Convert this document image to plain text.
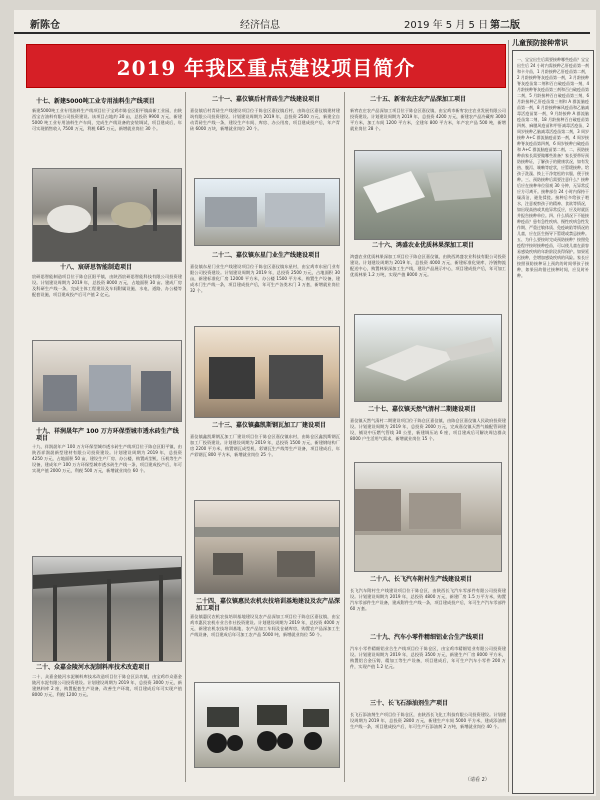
新陈仓	经济信息	2019 年 5 月 5 日 第二版
2019 年我区重点建设项目简介
十七、新建5000吨工业专用油料生产线项目
新建5000吨工业专用油料生产线项目位于宝鸡市陈仓区阳平镇高新工业园，由陕西宝吉油料有限公司投资建设。该项目占地约 30 亩，总投资 9900 万元，新建 5000 吨工业专用油料生产车间，完成生产线设备的安装调试，项目建成后，年可实现销售收入 7500 万元，利税 685 万元，新增就业岗位 30 个。
十八、宸研思智能制造项目
宸研思智能制造项目位于陈仓区阳平镇，由陕西宸研思智能科技有限公司投资建设。计划建设周期为 2019 年，总投资 8000 万元，占地面积 30 亩。建成厂房及科研生产线一条，完成主体工程建设及车间附属设施、水电、道路、办公楼等配套设施，项目建成投产后可产值 2 亿元。
十九、祥润晟年产 100 万方环保型城市透水砖生产线项目
十九、祥润晟年产 100 万方环保型城市透水砖生产线项目位于陈仓区阳平镇，由陕西祥润晟新型建材有限公司投资建设。计划建设周期为 2019 年，总投资 4250 万元，占地面积 50 亩，建设生产厂房、办公楼，购置成型机、压机等生产设备，建成年产 100 万方环保型城市透水砖生产线一条，项目建成投产后，年可实现产值 2000 万元，利税 500 万元，新增就业岗位 60 个。
二十、众嘉金陵河水泥制料库技术改造项目
二十、众嘉金陵河水泥制料库技术改造项目位于陈仓区县功镇，由宝鸡市众嘉金陵河水泥有限公司投资建设。计划建设周期为 2019 年，总投资 3000 万元，新建熟料库 2 座，购置配套生产设备，改善生产环境，项目建成后年可实现产值 8000 万元，利税 1200 万元。
二十一、嘉仪镇后村青砖生产线建设项目
嘉仪镇后村青砖生产线建设项目位于陈仓区嘉仪镇后村，由陈仓区嘉仪镇建材建筑有限公司投资建设。计划建设周期为 2019 年，总投资 2500 万元，新建全自动青砖生产线一条，建设生产车间、库房、办公用房，项目建成投产后，年产青砖 6000 万块，新增就业岗位 20 个。
二十二、嘉仪镇东星门业生产线建设项目
嘉仪镇东星门业生产线建设项目位于陈仓区嘉仪镇东星村，由宝鸡市东星门业有限公司投资建设。计划建设周期为 2019 年，总投资 2500 万元，占地面积 30 亩，新建标准化厂房 12000 平方米，办公楼 1500 平方米，购置生产设备，建成木门生产线一条，项目建成投产后，年可生产各类木门 3 万套，新增就业岗位 32 个。
二十三、嘉仪镇鑫凯斯钢瓦加工厂建设项目
嘉仪镇鑫凯斯钢瓦加工厂建设项目位于陈仓区嘉仪镇东村，由陈仓区鑫凯斯钢瓦加工厂投资建设。计划建设周期为 2019 年，总投资 1500 万元，新建钢结构厂房 2200 平方米，购置钢瓦成型机、彩钢瓦生产线等生产设备，项目建成后，年产彩钢瓦 800 平方米，新增就业岗位 25 个。
二十四、嘉仪镇惠民农机农技培训基地建设及农产品深加工项目
嘉仪镇惠民农机农技培训基地建设及农产品深加工项目位于陈仓区嘉仪镇，由宝鸡市惠民农机专业合作社投资建设。计划建设周期为 2019 年，总投资 4000 万元，新建农机农技培训基地、农产品加工车间及仓储库房，购置农产品深加工生产线设备，项目建成后年可加工农产品 5000 吨，新增就业岗位 50 个。
二十五、新宥农庄农产品深加工项目
新宥农庄农产品深加工项目位于陈仓区嘉仪镇，由宝鸡市新宥农庄农业发展有限公司投资建设。计划建设周期为 2019 年，总投资 4200 万元，新建农产品冷藏库 3000 平方米，加工车间 1200 平方米，全建年 800 平方米，年产农产品 500 吨，新增就业岗位 28 个。
二十六、鸿盛农业优质林果深加工项目
鸿盛农业优质林果深加工项目位于陈仓区嘉仪镇，由陕西鸿盛农业科技有限公司投资建设。计划建设周期为 2019 年，总投资 4000 万元，新建标准化果库、冷链物流配送中心，购置林果深加工生产线，建设产品展示中心，项目建成投产后，年可加工优质林果 1.2 万吨，实现产值 8000 万元。
二十七、嘉仪镇天然气清村二期建设项目
嘉仪镇天然气清村二期建设项目位于陈仓区嘉仪镇，由陈仓区嘉仪镇人民政府投资建设。计划建设周期为 2019 年，总投资 2000 万元，完成嘉仪镇天然气输配管网建设，铺设中压燃气管线 30 公里，新建调压站 6 座，项目建成后可解决周边群众 8000 户生活用气需求，新增就业岗位 15 个。
二十八、长飞汽车附村生产线建设项目
长飞汽车附村生产线建设项目位于陈仓区，由陕西长飞汽车零部件有限公司投资建设。计划建设周期为 2019 年，总投资 4800 万元，新建厂房 1.5 万平方米，购置汽车零部件生产设备，建成附件生产线一条，项目建成投产后，年可生产汽车零部件 60 万套。
二十九、汽车小零件精细铝业合生产线项目
汽车小零件精细铝业合生产线项目位于陈仓区，由宝鸡市精细铝业有限公司投资建设。计划建设周期为 2019 年，总投资 3500 万元，新建生产厂房 8000 平方米，购置铝合金压铸、精加工等生产设备，项目建成后，年可生产汽车小零件 200 万件，实现产值 1.2 亿元。
三十、长飞石添油剂生产项目
长飞石添油剂生产项目位于陈仓区，由陕西长飞化工科技有限公司投资建设。计划建设周期为 2019 年，总投资 2800 万元，新建生产车间 5000 平方米，建成添油剂生产线一条，项目建成投产后，年可生产石添油剂 2 万吨，新增就业岗位 40 个。
（请看 2）
儿童预防接种常识
一、宝宝出生后需要接种哪些疫苗？宝宝出生后 24 小时内需接种乙肝疫苗第一剂和卡介苗，1 月龄接种乙肝疫苗第二剂，2 月龄接种脊灰疫苗第一剂，3 月龄接种脊灰疫苗第二剂和百白破疫苗第一剂，4 月龄接种脊灰疫苗第三剂和百白破疫苗第二剂，5 月龄接种百白破疫苗第三剂，6 月龄接种乙肝疫苗第三剂和 A 群流脑疫苗第一剂，8 月龄接种麻风疫苗和乙脑减毒活疫苗第一剂，9 月龄接种 A 群流脑疫苗第二剂，18 月龄接种百白破疫苗第四剂、麻腮风疫苗和甲肝减毒活疫苗，2 周岁接种乙脑减毒活疫苗第二剂，3 周岁接种 A+C 群流脑疫苗第一剂，4 周岁接种脊灰疫苗第四剂，6 周岁接种白破疫苗和 A+C 群流脑疫苗第二剂。二、预防接种前家长需要做哪些准备？家长要带好预防接种证，了解孩子的健康状况，如有发热、腹泻、咳嗽等症状，应暂缓接种。给孩子洗澡、换上干净宽松的衣服，便于接种。三、预防接种后需要注意什么？接种后应在接种单位留观 30 分钟，无异常反应方可离开。接种部位 24 小时内保持干燥清洁，避免揉搓。接种后多给孩子喂水，注意观察孩子的精神、食欲等情况，如出现高热或其他异常反应，应及时就医并报告接种单位。四、什么情况下不能接种疫苗？患有急性疾病、慢性疾病急性发作期、严重过敏体质、免疫缺陷等情况的儿童，应在医生指导下暂缓或禁忌接种。五、为什么要按时完成预防接种？按照免疫程序按时接种疫苗，可以使儿童在最容易感染疾病的年龄阶段获得保护。如果延迟接种，会增加感染疾病的风险。家长应按照预防接种证上预约的时间带孩子接种，如果因故错过接种时间，应及时补种。
